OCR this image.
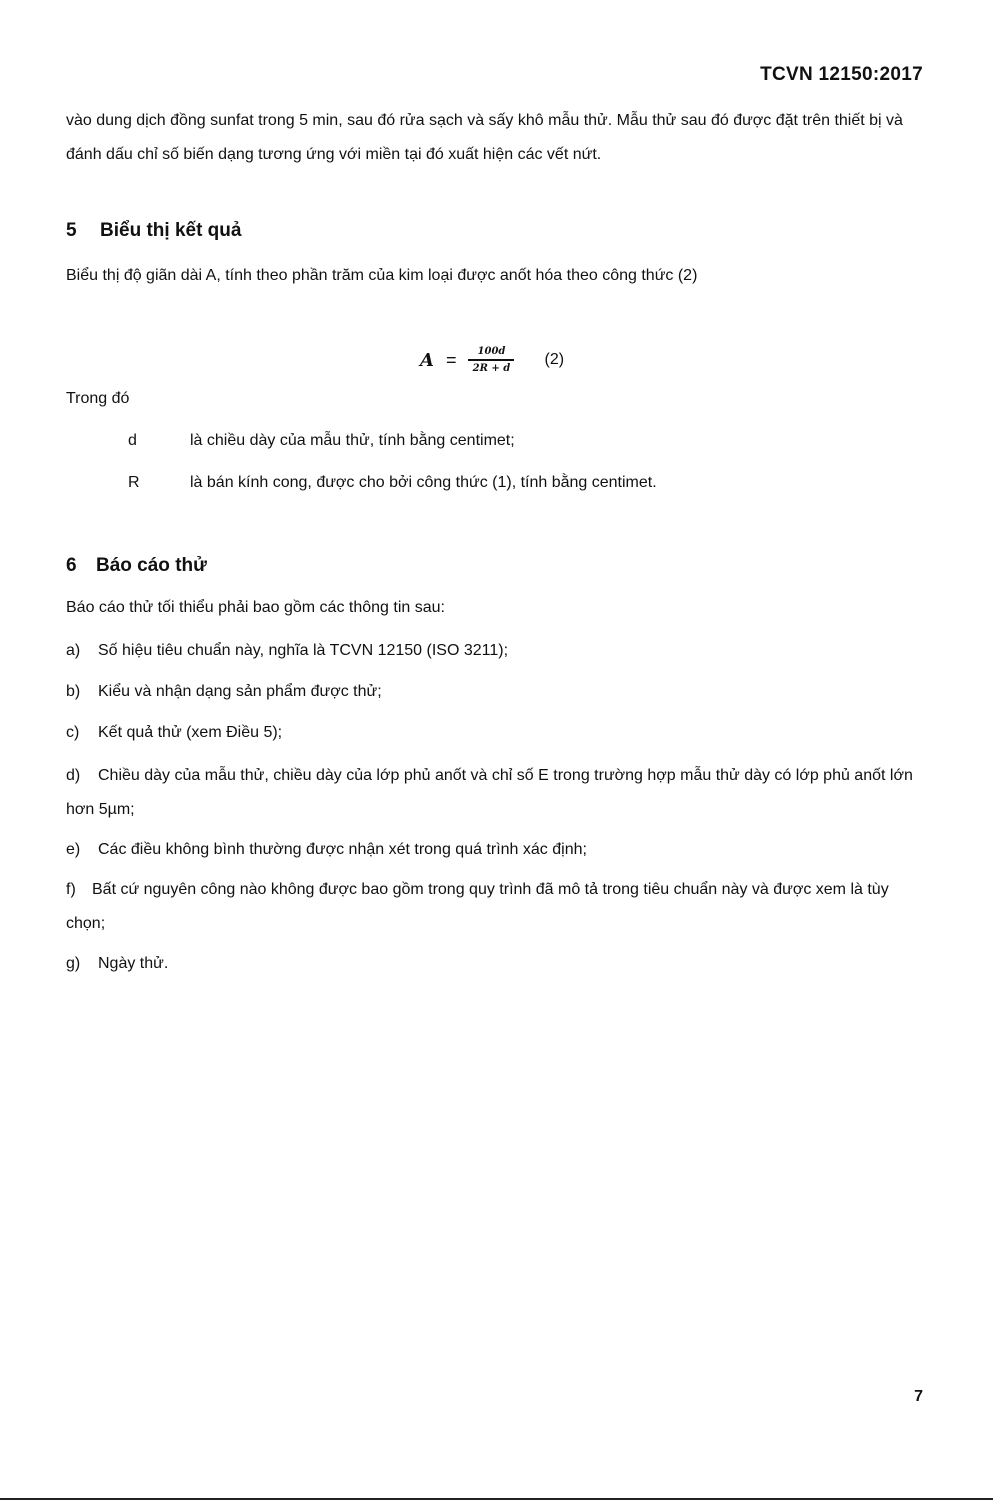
TCVN 12150:2017

vào dung dịch đồng sunfat trong 5 min, sau đó rửa sạch và sấy khô mẫu thử. Mẫu thử sau đó được đặt trên thiết bị và đánh dấu chỉ số biến dạng tương ứng với miền tại đó xuất hiện các vết nứt.

5 Biểu thị kết quả

Biểu thị độ giãn dài A, tính theo phần trăm của kim loại được anốt hóa theo công thức (2)

$A = \frac{100d}{2R + d} (2)$

Trong đó

d	là chiều dày của mẫu thử, tính bằng centimet;
R	là bán kính cong, được cho bởi công thức (1), tính bằng centimet.
6 Báo cáo thử

Báo cáo thử tối thiểu phải bao gồm các thông tin sau:

a) Số hiệu tiêu chuẩn này, nghĩa là TCVN 12150 (ISO 3211);

b) Kiểu và nhận dạng sản phẩm được thử;

c) Kết quả thử (xem Điều 5);

d) Chiều dày của mẫu thử, chiều dày của lớp phủ anốt và chỉ số E trong trường hợp mẫu thử dày có lớp phủ anốt lớn hơn 5µm;

e) Các điều không bình thường được nhận xét trong quá trình xác định;

f) Bất cứ nguyên công nào không được bao gồm trong quy trình đã mô tả trong tiêu chuẩn này và được xem là tùy chọn;

g) Ngày thử.

7
